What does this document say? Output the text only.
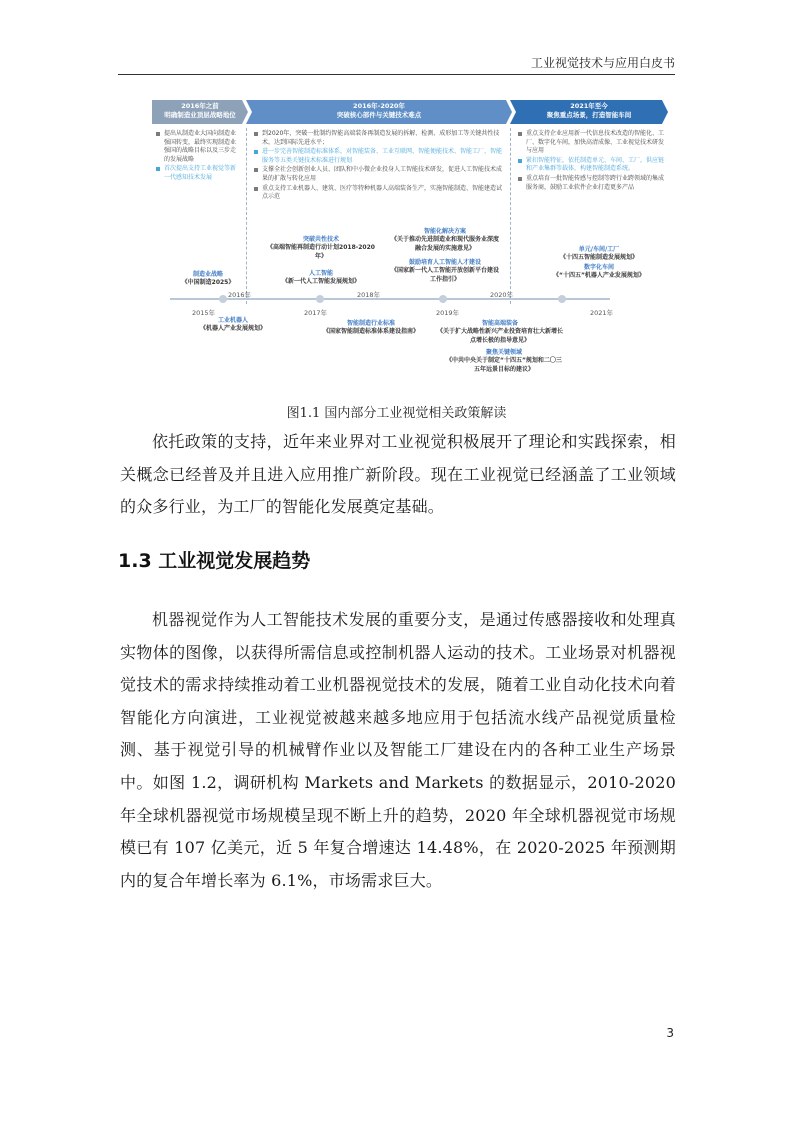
工业视觉技术与应用白皮书
2016年之前
明确制造业顶层战略地位
2016年-2020年
突破核心部件与关键技术难点
2021年至今
聚焦重点场景，打造智能车间
提出从制造业大国向制造业强国转变，最终实现制造业强国的战略目标以及三步走的发展战略
首次提出支持工业视觉等新一代感知技术发展
到2020年，突破一批制约智能高端装备再制造发展的拆解、检测、成形加工等关键共性技术，达到国际先进水平；
进一步完善智能制造标准体系，对智能装备、工业互联网、智能便能技术、智能工厂、智能服务等五类关键技术标准进行规划
支撑全社会创新创业人员、团队和中小微企业投身人工智能技术研发，促进人工智能技术成果的扩散与转化应用
重点支持工业机器人、建筑、医疗等特种机器人高端装备生产，实施智能制造、智能建造试点示范
重点支持企业应用新一代信息技术改造的智能化、工厂、数字化车间，加快高清成像、工业视觉技术研发与应用
紧扣智能特征，依托制造单元、车间、工厂，供应链和产业集群等载体，构建智能制造系统。
重点培育一批智能传感与控制等跨行业跨领域的集成服务商，鼓励工业软件企业打造更多产品
制造业战略
《中国制造2025》
突破共性技术
《高端智能再制造行动计划2018-2020年》
人工智能
《新一代人工智能发展规划》
智能化解决方案
《关于推动先进制造业和现代服务业深度融合发展的实施意见》
鼓励培育人工智能人才建设
《国家新一代人工智能开放创新平台建设工作指引》
单元/车间/工厂
《十四五智能制造发展规划》
数字化车间
《“十四五”机器人产业发展规划》
2016年	2018年	2020年
2015年	2017年	2019年	2021年
工业机器人
《机器人产业发展规划》
智能制造行业标准
《国家智能制造标准体系建设指南》
智能高端装备
《关于扩大战略性新兴产业投资培育壮大新增长点增长极的指导意见》
聚焦关键领域
《中共中央关于制定“十四五”规划和二〇三五年远景目标的建议》
图1.1 国内部分工业视觉相关政策解读

依托政策的支持，近年来业界对工业视觉积极展开了理论和实践探索，相关概念已经普及并且进入应用推广新阶段。现在工业视觉已经涵盖了工业领域的众多行业，为工厂的智能化发展奠定基础。

1.3 工业视觉发展趋势

机器视觉作为人工智能技术发展的重要分支，是通过传感器接收和处理真实物体的图像，以获得所需信息或控制机器人运动的技术。工业场景对机器视觉技术的需求持续推动着工业机器视觉技术的发展，随着工业自动化技术向着智能化方向演进，工业视觉被越来越多地应用于包括流水线产品视觉质量检测、基于视觉引导的机械臂作业以及智能工厂建设在内的各种工业生产场景中。如图 1.2，调研机构 Markets and Markets 的数据显示，2010-2020 年全球机器视觉市场规模呈现不断上升的趋势，2020 年全球机器视觉市场规模已有 107 亿美元，近 5 年复合增速达 14.48%，在 2020-2025 年预测期内的复合年增长率为 6.1%，市场需求巨大。

3
